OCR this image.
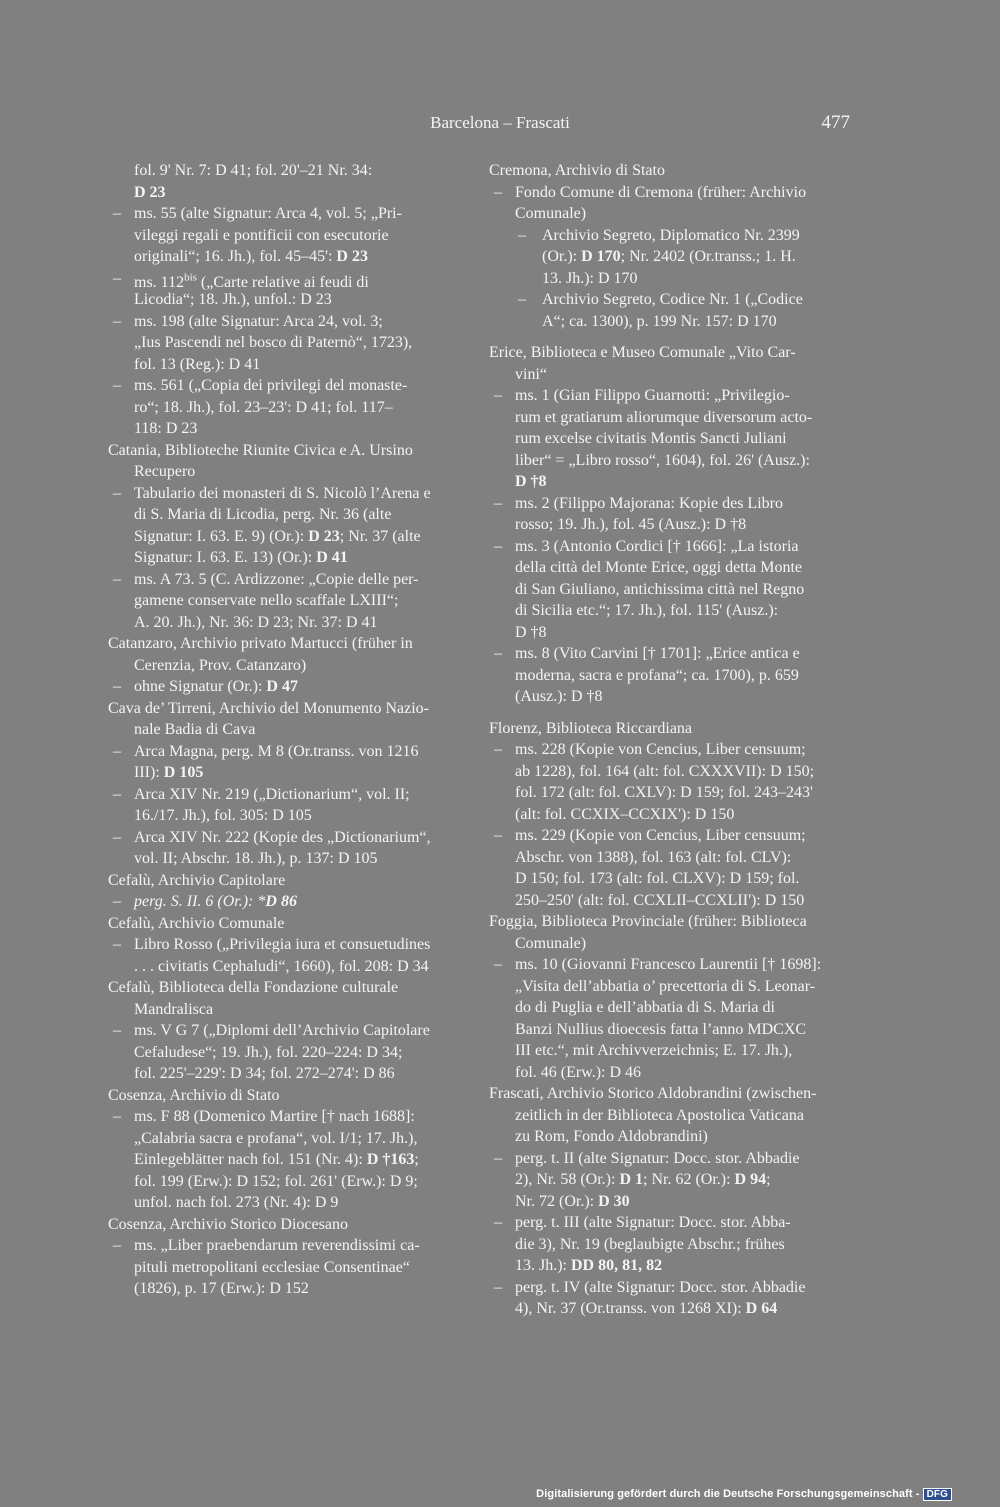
Barcelona – Frascati	477
fol. 9' Nr. 7: D 41; fol. 20'–21 Nr. 34:
D 23
– ms. 55 (alte Signatur: Arca 4, vol. 5; „Pri-
vileggi regali e pontificii con esecutorie
originali“; 16. Jh.), fol. 45–45': D 23
– ms. $112^{bis}$ („Carte relative ai feudi di
Licodia“; 18. Jh.), unfol.: D 23
– ms. 198 (alte Signatur: Arca 24, vol. 3;
„Ius Pascendi nel bosco di Paternò“, 1723),
fol. 13 (Reg.): D 41
– ms. 561 („Copia dei privilegi del monaste-
ro“; 18. Jh.), fol. 23–23': D 41; fol. 117–
118: D 23
Catania, Biblioteche Riunite Civica e A. Ursino
Recupero
– Tabulario dei monasteri di S. Nicolò l’Arena e
di S. Maria di Licodia, perg. Nr. 36 (alte
Signatur: I. 63. E. 9) (Or.): D 23; Nr. 37 (alte
Signatur: I. 63. E. 13) (Or.): D 41
– ms. A 73. 5 (C. Ardizzone: „Copie delle per-
gamene conservate nello scaffale LXIII“;
A. 20. Jh.), Nr. 36: D 23; Nr. 37: D 41
Catanzaro, Archivio privato Martucci (früher in
Cerenzia, Prov. Catanzaro)
– ohne Signatur (Or.): D 47
Cava de’ Tirreni, Archivio del Monumento Nazio-
nale Badia di Cava
– Arca Magna, perg. M 8 (Or.transs. von 1216
III): D 105
– Arca XIV Nr. 219 („Dictionarium“, vol. II;
16./17. Jh.), fol. 305: D 105
– Arca XIV Nr. 222 (Kopie des „Dictionarium“,
vol. II; Abschr. 18. Jh.), p. 137: D 105
Cefalù, Archivio Capitolare
– perg. S. II. 6 (Or.): *D 86
Cefalù, Archivio Comunale
– Libro Rosso („Privilegia iura et consuetudines
. . . civitatis Cephaludi“, 1660), fol. 208: D 34
Cefalù, Biblioteca della Fondazione culturale
Mandralisca
– ms. V G 7 („Diplomi dell’Archivio Capitolare
Cefaludese“; 19. Jh.), fol. 220–224: D 34;
fol. 225'–229': D 34; fol. 272–274': D 86
Cosenza, Archivio di Stato
– ms. F 88 (Domenico Martire [† nach 1688]:
„Calabria sacra e profana“, vol. I/1; 17. Jh.),
Einlegeblätter nach fol. 151 (Nr. 4): D †163;
fol. 199 (Erw.): D 152; fol. 261' (Erw.): D 9;
unfol. nach fol. 273 (Nr. 4): D 9
Cosenza, Archivio Storico Diocesano
– ms. „Liber praebendarum reverendissimi ca-
pituli metropolitani ecclesiae Consentinae“
(1826), p. 17 (Erw.): D 152
Cremona, Archivio di Stato
– Fondo Comune di Cremona (früher: Archivio
Comunale)
– Archivio Segreto, Diplomatico Nr. 2399
(Or.): D 170; Nr. 2402 (Or.transs.; 1. H.
13. Jh.): D 170
– Archivio Segreto, Codice Nr. 1 („Codice
A“; ca. 1300), p. 199 Nr. 157: D 170
Erice, Biblioteca e Museo Comunale „Vito Car-
vini“
– ms. 1 (Gian Filippo Guarnotti: „Privilegio-
rum et gratiarum aliorumque diversorum acto-
rum excelse civitatis Montis Sancti Juliani
liber“ = „Libro rosso“, 1604), fol. 26' (Ausz.):
D †8
– ms. 2 (Filippo Majorana: Kopie des Libro
rosso; 19. Jh.), fol. 45 (Ausz.): D †8
– ms. 3 (Antonio Cordici [† 1666]: „La istoria
della città del Monte Erice, oggi detta Monte
di San Giuliano, antichissima città nel Regno
di Sicilia etc.“; 17. Jh.), fol. 115' (Ausz.):
D †8
– ms. 8 (Vito Carvini [† 1701]: „Erice antica e
moderna, sacra e profana“; ca. 1700), p. 659
(Ausz.): D †8
Florenz, Biblioteca Riccardiana
– ms. 228 (Kopie von Cencius, Liber censuum;
ab 1228), fol. 164 (alt: fol. CXXXVII): D 150;
fol. 172 (alt: fol. CXLV): D 159; fol. 243–243'
(alt: fol. CCXIX–CCXIX'): D 150
– ms. 229 (Kopie von Cencius, Liber censuum;
Abschr. von 1388), fol. 163 (alt: fol. CLV):
D 150; fol. 173 (alt: fol. CLXV): D 159; fol.
250–250' (alt: fol. CCXLII–CCXLII'): D 150
Foggia, Biblioteca Provinciale (früher: Biblioteca
Comunale)
– ms. 10 (Giovanni Francesco Laurentii [† 1698]:
„Visita dell’abbatia o’ precettoria di S. Leonar-
do di Puglia e dell’abbatia di S. Maria di
Banzi Nullius dioecesis fatta l’anno MDCXC
III etc.“, mit Archivverzeichnis; E. 17. Jh.),
fol. 46 (Erw.): D 46
Frascati, Archivio Storico Aldobrandini (zwischen-
zeitlich in der Biblioteca Apostolica Vaticana
zu Rom, Fondo Aldobrandini)
– perg. t. II (alte Signatur: Docc. stor. Abbadie
2), Nr. 58 (Or.): D 1; Nr. 62 (Or.): D 94;
Nr. 72 (Or.): D 30
– perg. t. III (alte Signatur: Docc. stor. Abba-
die 3), Nr. 19 (beglaubigte Abschr.; frühes
13. Jh.): DD 80, 81, 82
– perg. t. IV (alte Signatur: Docc. stor. Abbadie
4), Nr. 37 (Or.transs. von 1268 XI): D 64
Digitalisierung gefördert durch die Deutsche Forschungsgemeinschaft - DFG
